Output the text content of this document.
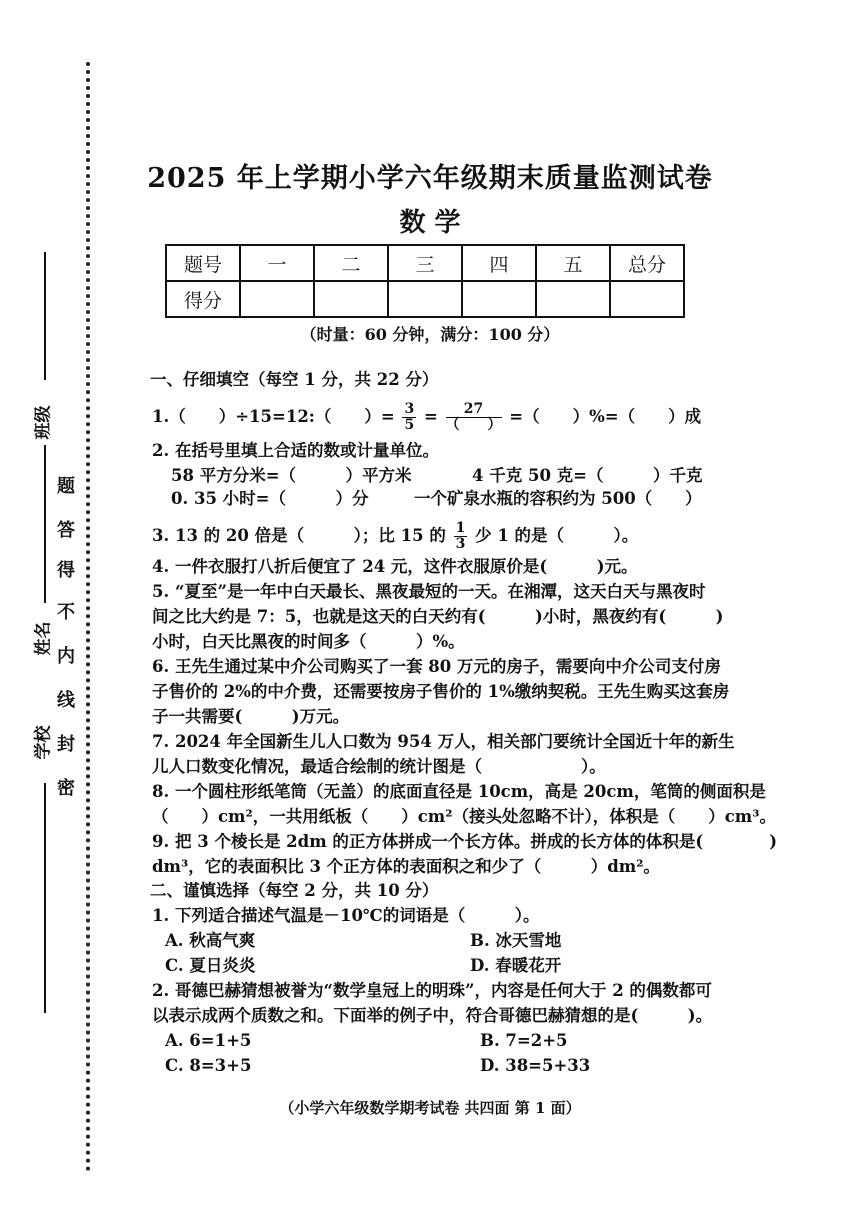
班级
姓名
学校
题
答
得
不
内
线
封
密
2025 年上学期小学六年级期末质量监测试卷
数 学
题号	一	二	三	四	五	总分
得分						
（时量：60 分钟，满分：100 分）
一、仔细填空（每空 1 分，共 22 分）
1.（　　）÷15=12:（　　）= $\frac{3}{5} = \frac{27}{( )}$ =（　　）%=（　　）成
2. 在括号里填上合适的数或计量单位。
58 平方分米=（　　　）平方米	4 千克 50 克=（　　　）千克
0. 35 小时=（　　　）分	一个矿泉水瓶的容积约为 500（　　）
3. 13 的 20 倍是（　　　）；比 15 的 $\frac{1}{3}$ 少 1 的是（　　　）。
4. 一件衣服打八折后便宜了 24 元，这件衣服原价是(　　　)元。
5. “夏至”是一年中白天最长、黑夜最短的一天。在湘潭，这天白天与黑夜时
间之比大约是 7：5，也就是这天的白天约有(　　　)小时，黑夜约有(　　　)
小时，白天比黑夜的时间多（　　　）%。
6. 王先生通过某中介公司购买了一套 80 万元的房子，需要向中介公司支付房
子售价的 2%的中介费，还需要按房子售价的 1%缴纳契税。王先生购买这套房
子一共需要(　　　)万元。
7. 2024 年全国新生儿人口数为 954 万人，相关部门要统计全国近十年的新生
儿人口数变化情况，最适合绘制的统计图是（　　　　　　）。
8. 一个圆柱形纸笔筒（无盖）的底面直径是 10cm，高是 20cm，笔筒的侧面积是
（　　）cm²，一共用纸板（　　）cm²（接头处忽略不计），体积是（　　）cm³。
9. 把 3 个棱长是 2dm 的正方体拼成一个长方体。拼成的长方体的体积是(　　　　)
dm³，它的表面积比 3 个正方体的表面积之和少了（　　　）dm²。
二、谨慎选择（每空 2 分，共 10 分）
1. 下列适合描述气温是－10℃的词语是（　　　）。
A. 秋高气爽	B. 冰天雪地
C. 夏日炎炎	D. 春暖花开
2. 哥德巴赫猜想被誉为“数学皇冠上的明珠”，内容是任何大于 2 的偶数都可
以表示成两个质数之和。下面举的例子中，符合哥德巴赫猜想的是(　　　)。
A. 6=1+5	B. 7=2+5
C. 8=3+5	D. 38=5+33
（小学六年级数学期考试卷 共四面 第 1 面）
